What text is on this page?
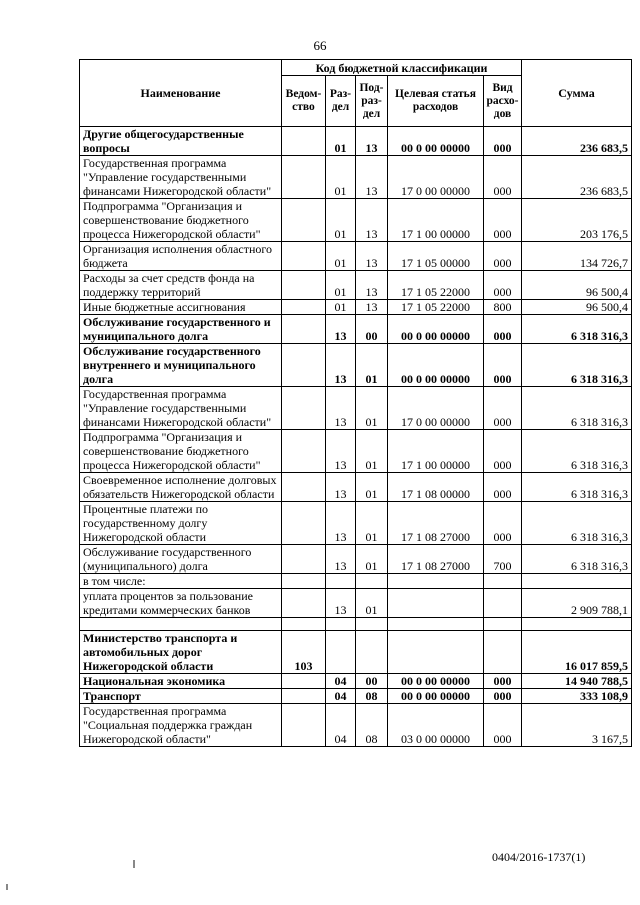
66
Наименование	Код бюджетной классификации					Сумма
	Ведом-ство	Раз-дел	Под-раз-дел	Целевая статья расходов	Вид расхо-дов	
Другие общегосударственные вопросы		01	13	00 0 00 00000	000	236 683,5
Государственная программа "Управление государственными финансами Нижегородской области"		01	13	17 0 00 00000	000	236 683,5
Подпрограмма "Организация и совершенствование бюджетного процесса Нижегородской области"		01	13	17 1 00 00000	000	203 176,5
Организация исполнения областного бюджета		01	13	17 1 05 00000	000	134 726,7
Расходы за счет средств фонда на поддержку территорий		01	13	17 1 05 22000	000	96 500,4
Иные бюджетные ассигнования		01	13	17 1 05 22000	800	96 500,4
Обслуживание государственного и муниципального долга		13	00	00 0 00 00000	000	6 318 316,3
Обслуживание государственного внутреннего и муниципального долга		13	01	00 0 00 00000	000	6 318 316,3
Государственная программа "Управление государственными финансами Нижегородской области"		13	01	17 0 00 00000	000	6 318 316,3
Подпрограмма "Организация и совершенствование бюджетного процесса Нижегородской области"		13	01	17 1 00 00000	000	6 318 316,3
Своевременное исполнение долговых обязательств Нижегородской области		13	01	17 1 08 00000	000	6 318 316,3
Процентные платежи по государственному долгу Нижегородской области		13	01	17 1 08 27000	000	6 318 316,3
Обслуживание государственного (муниципального) долга		13	01	17 1 08 27000	700	6 318 316,3
в том числе:						
уплата процентов за пользование кредитами коммерческих банков		13	01			2 909 788,1

Министерство транспорта и автомобильных дорог Нижегородской области	103					16 017 859,5
Национальная экономика		04	00	00 0 00 00000	000	14 940 788,5
Транспорт		04	08	00 0 00 00000	000	333 108,9
Государственная программа "Социальная поддержка граждан Нижегородской области"		04	08	03 0 00 00000	000	3 167,5
0404/2016-1737(1)
